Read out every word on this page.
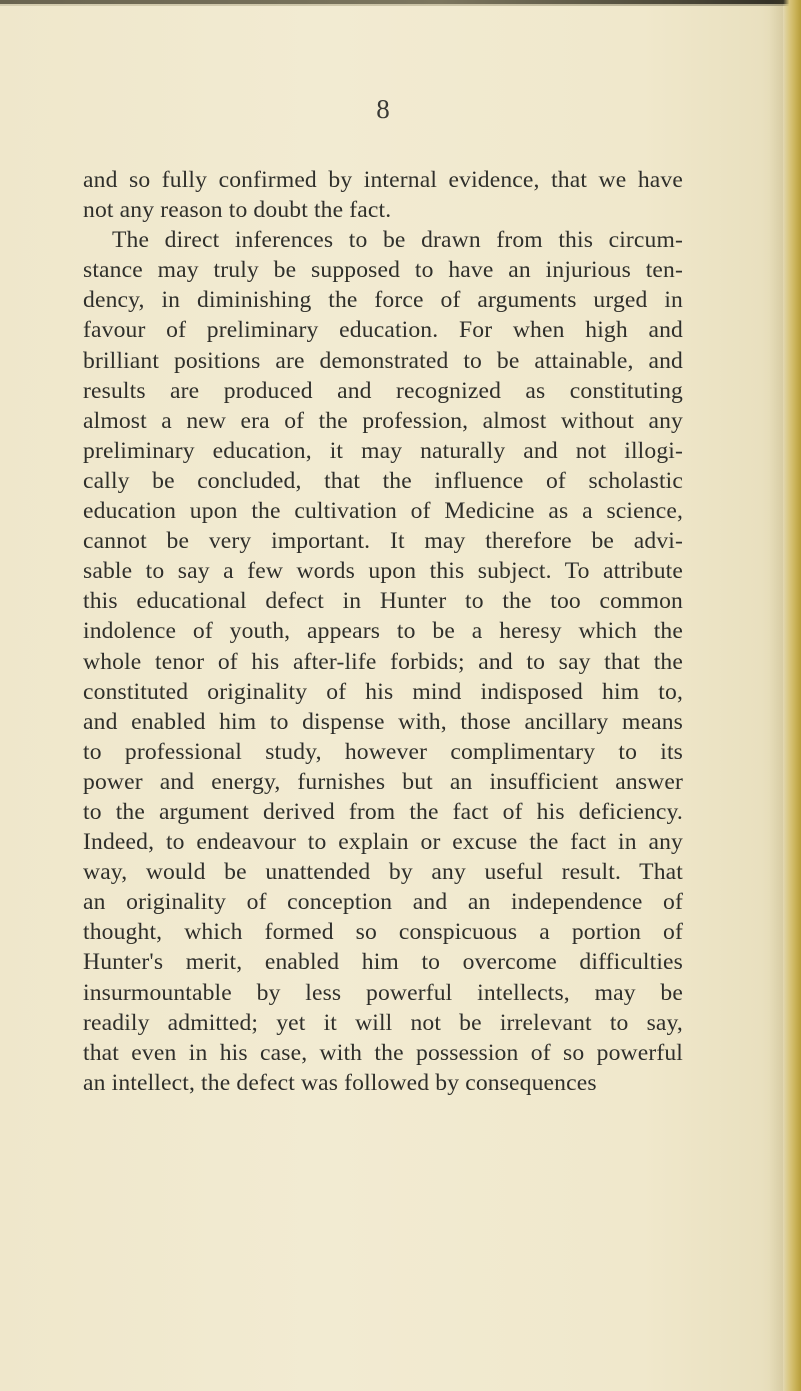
8
and so fully confirmed by internal evidence, that we have
not any reason to doubt the fact.
The direct inferences to be drawn from this circum-
stance may truly be supposed to have an injurious ten-
dency, in diminishing the force of arguments urged in
favour of preliminary education. For when high and
brilliant positions are demonstrated to be attainable, and
results are produced and recognized as constituting
almost a new era of the profession, almost without any
preliminary education, it may naturally and not illogi-
cally be concluded, that the influence of scholastic
education upon the cultivation of Medicine as a science,
cannot be very important. It may therefore be advi-
sable to say a few words upon this subject. To attribute
this educational defect in Hunter to the too common
indolence of youth, appears to be a heresy which the
whole tenor of his after-life forbids; and to say that the
constituted originality of his mind indisposed him to,
and enabled him to dispense with, those ancillary means
to professional study, however complimentary to its
power and energy, furnishes but an insufficient answer
to the argument derived from the fact of his deficiency.
Indeed, to endeavour to explain or excuse the fact in any
way, would be unattended by any useful result. That
an originality of conception and an independence of
thought, which formed so conspicuous a portion of
Hunter's merit, enabled him to overcome difficulties
insurmountable by less powerful intellects, may be
readily admitted; yet it will not be irrelevant to say,
that even in his case, with the possession of so powerful
an intellect, the defect was followed by consequences
